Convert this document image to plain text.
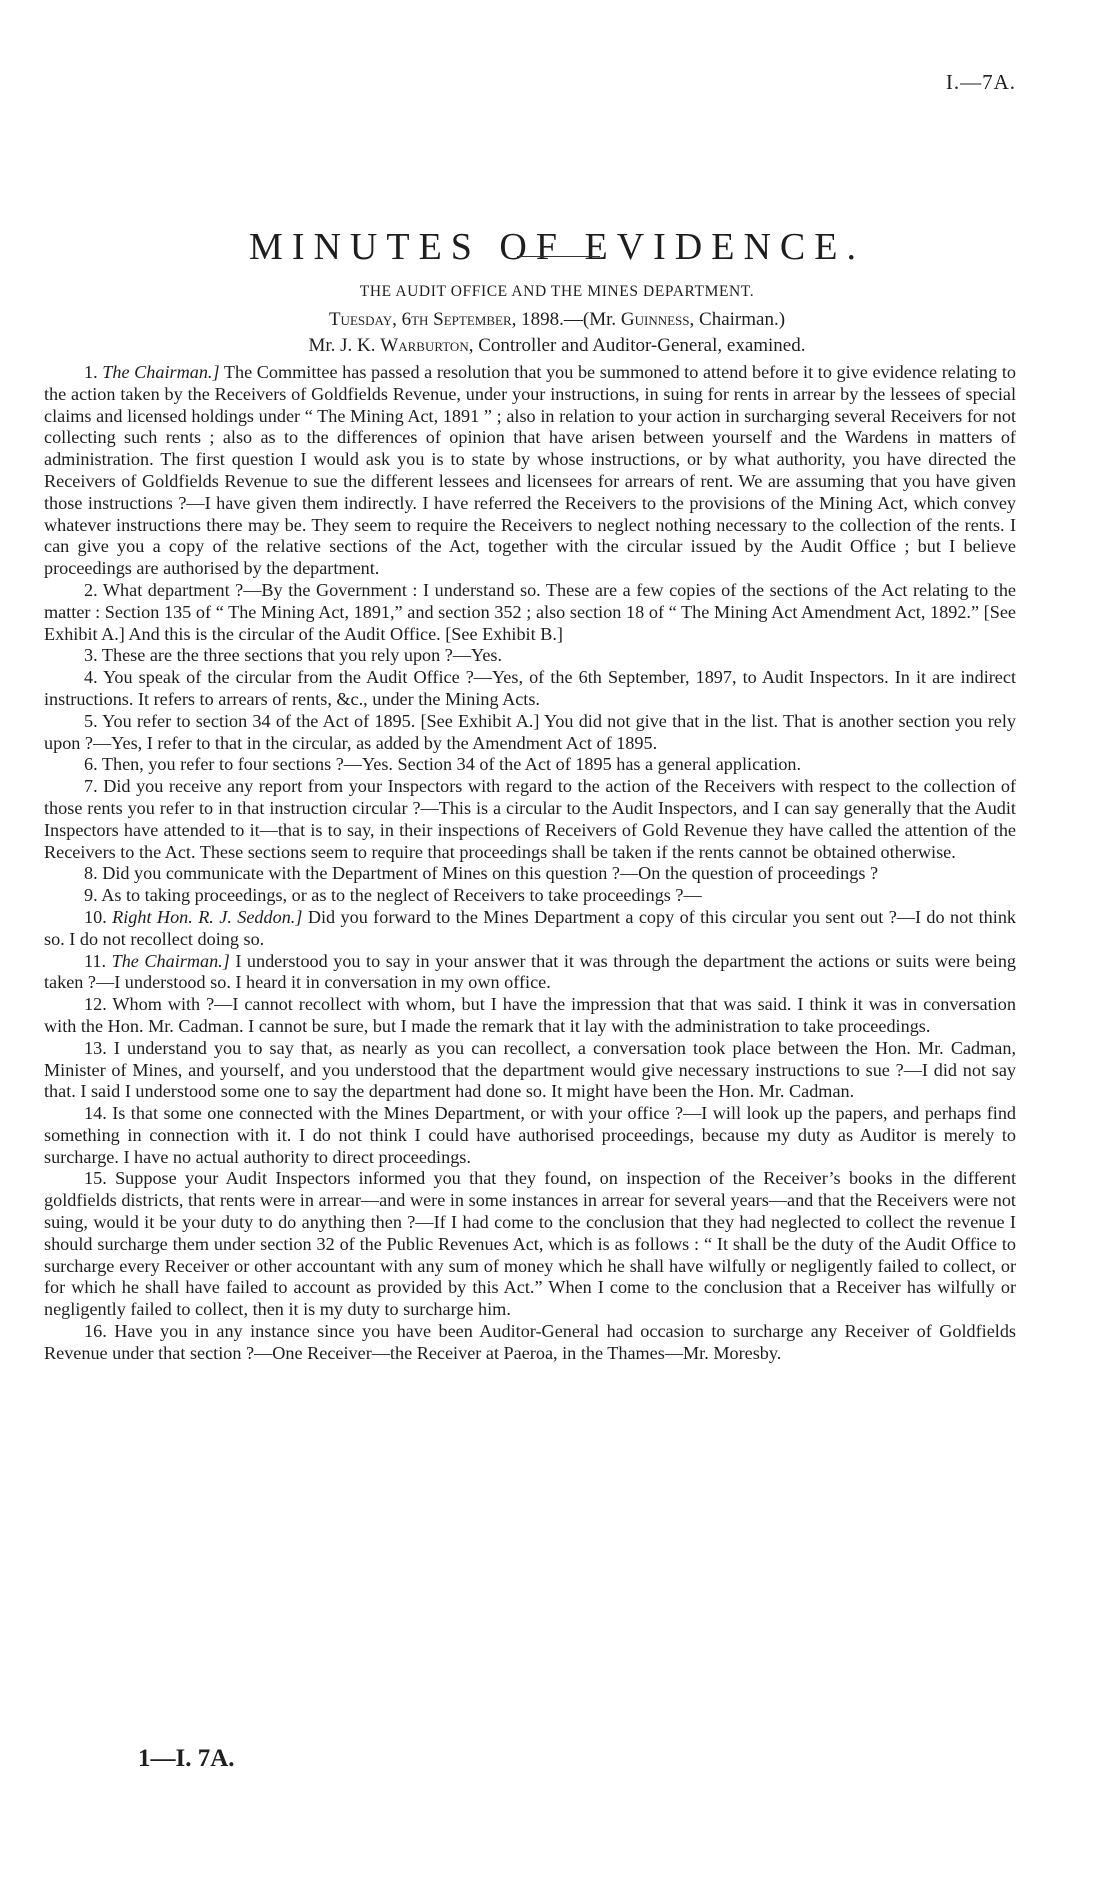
I.—7A.
MINUTES OF EVIDENCE.
THE AUDIT OFFICE AND THE MINES DEPARTMENT.
Tuesday, 6th September, 1898.—(Mr. Guinness, Chairman.)
Mr. J. K. Warburton, Controller and Auditor-General, examined.

1. The Chairman.] The Committee has passed a resolution that you be summoned to attend before it to give evidence relating to the action taken by the Receivers of Goldfields Revenue, under your instructions, in suing for rents in arrear by the lessees of special claims and licensed holdings under “ The Mining Act, 1891 ” ; also in relation to your action in surcharging several Receivers for not collecting such rents ; also as to the differences of opinion that have arisen between yourself and the Wardens in matters of administration. The first question I would ask you is to state by whose instructions, or by what authority, you have directed the Receivers of Goldfields Revenue to sue the different lessees and licensees for arrears of rent. We are assuming that you have given those instructions ?—I have given them indirectly. I have referred the Receivers to the provisions of the Mining Act, which convey whatever instructions there may be. They seem to require the Receivers to neglect nothing necessary to the collection of the rents. I can give you a copy of the relative sections of the Act, together with the circular issued by the Audit Office ; but I believe proceedings are authorised by the department.

2. What department ?—By the Government : I understand so. These are a few copies of the sections of the Act relating to the matter : Section 135 of “ The Mining Act, 1891,” and section 352 ; also section 18 of “ The Mining Act Amendment Act, 1892.” [See Exhibit A.] And this is the circular of the Audit Office. [See Exhibit B.]

3. These are the three sections that you rely upon ?—Yes.

4. You speak of the circular from the Audit Office ?—Yes, of the 6th September, 1897, to Audit Inspectors. In it are indirect instructions. It refers to arrears of rents, &c., under the Mining Acts.

5. You refer to section 34 of the Act of 1895. [See Exhibit A.] You did not give that in the list. That is another section you rely upon ?—Yes, I refer to that in the circular, as added by the Amendment Act of 1895.

6. Then, you refer to four sections ?—Yes. Section 34 of the Act of 1895 has a general application.

7. Did you receive any report from your Inspectors with regard to the action of the Receivers with respect to the collection of those rents you refer to in that instruction circular ?—This is a circular to the Audit Inspectors, and I can say generally that the Audit Inspectors have attended to it—that is to say, in their inspections of Receivers of Gold Revenue they have called the attention of the Receivers to the Act. These sections seem to require that proceedings shall be taken if the rents cannot be obtained otherwise.

8. Did you communicate with the Department of Mines on this question ?—On the question of proceedings ?

9. As to taking proceedings, or as to the neglect of Receivers to take proceedings ?—

10. Right Hon. R. J. Seddon.] Did you forward to the Mines Department a copy of this circular you sent out ?—I do not think so. I do not recollect doing so.

11. The Chairman.] I understood you to say in your answer that it was through the department the actions or suits were being taken ?—I understood so. I heard it in conversation in my own office.

12. Whom with ?—I cannot recollect with whom, but I have the impression that that was said. I think it was in conversation with the Hon. Mr. Cadman. I cannot be sure, but I made the remark that it lay with the administration to take proceedings.

13. I understand you to say that, as nearly as you can recollect, a conversation took place between the Hon. Mr. Cadman, Minister of Mines, and yourself, and you understood that the department would give necessary instructions to sue ?—I did not say that. I said I understood some one to say the department had done so. It might have been the Hon. Mr. Cadman.

14. Is that some one connected with the Mines Department, or with your office ?—I will look up the papers, and perhaps find something in connection with it. I do not think I could have authorised proceedings, because my duty as Auditor is merely to surcharge. I have no actual authority to direct proceedings.

15. Suppose your Audit Inspectors informed you that they found, on inspection of the Receiver’s books in the different goldfields districts, that rents were in arrear—and were in some instances in arrear for several years—and that the Receivers were not suing, would it be your duty to do anything then ?—If I had come to the conclusion that they had neglected to collect the revenue I should surcharge them under section 32 of the Public Revenues Act, which is as follows : “ It shall be the duty of the Audit Office to surcharge every Receiver or other accountant with any sum of money which he shall have wilfully or negligently failed to collect, or for which he shall have failed to account as provided by this Act.” When I come to the conclusion that a Receiver has wilfully or negligently failed to collect, then it is my duty to surcharge him.

16. Have you in any instance since you have been Auditor-General had occasion to surcharge any Receiver of Goldfields Revenue under that section ?—One Receiver—the Receiver at Paeroa, in the Thames—Mr. Moresby.

1—I. 7A.
